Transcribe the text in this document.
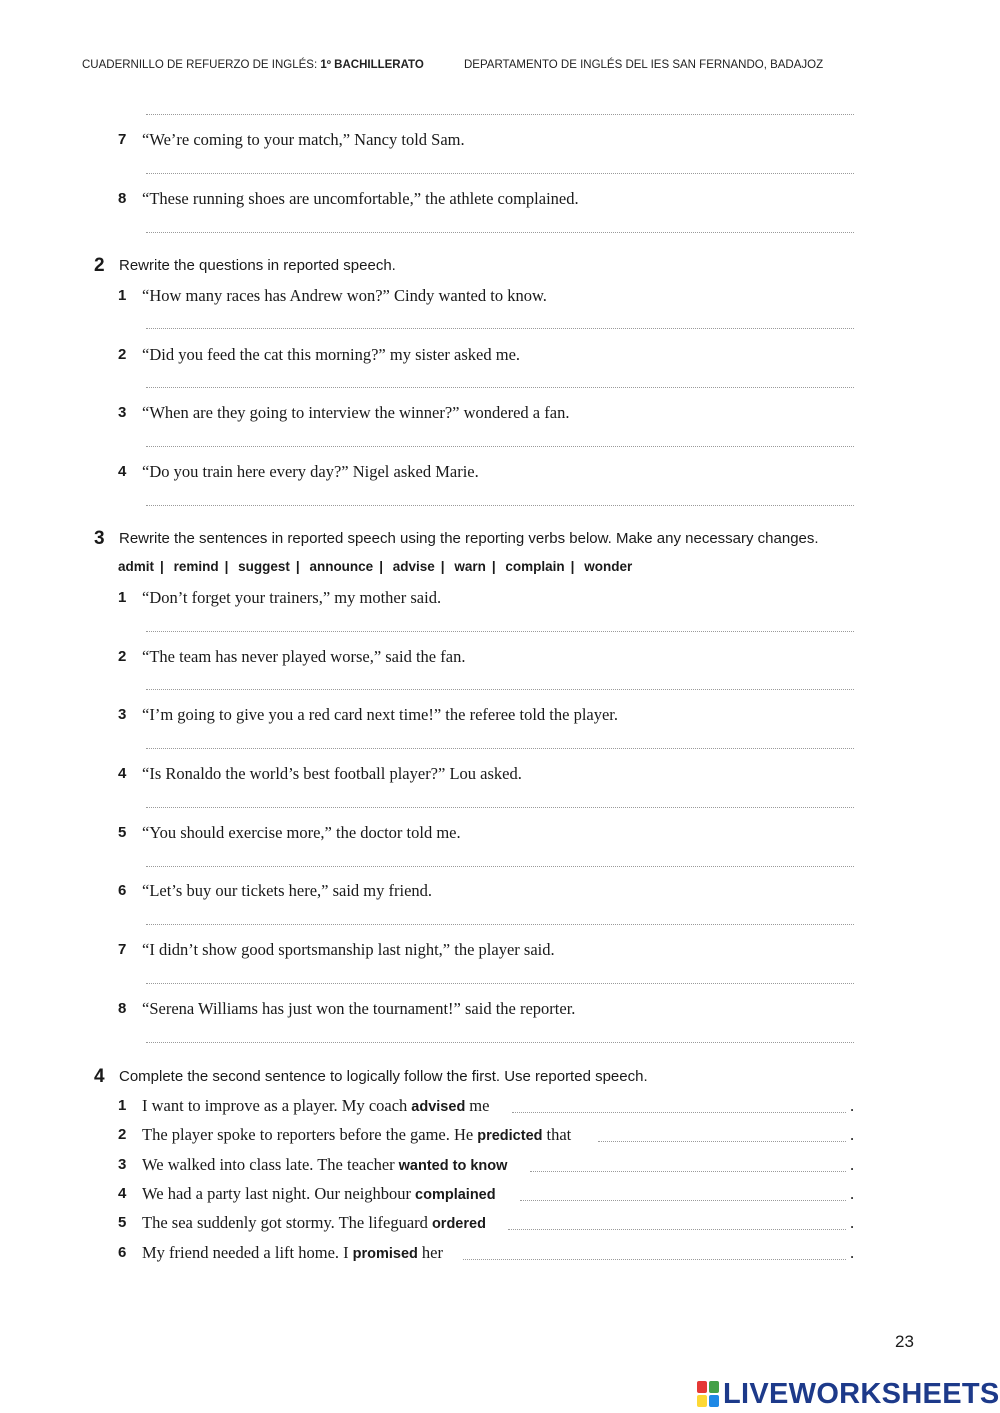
CUADERNILLO DE REFUERZO DE INGLÉS: 1º BACHILLERATO	DEPARTAMENTO DE INGLÉS DEL IES SAN FERNANDO, BADAJOZ
7 “We’re coming to your match,” Nancy told Sam.
8 “These running shoes are uncomfortable,” the athlete complained.
2 Rewrite the questions in reported speech.
1 “How many races has Andrew won?” Cindy wanted to know.
2 “Did you feed the cat this morning?” my sister asked me.
3 “When are they going to interview the winner?” wondered a fan.
4 “Do you train here every day?” Nigel asked Marie.
3 Rewrite the sentences in reported speech using the reporting verbs below. Make any necessary changes.
admit | remind | suggest | announce | advise | warn | complain | wonder
1 “Don’t forget your trainers,” my mother said.
2 “The team has never played worse,” said the fan.
3 “I’m going to give you a red card next time!” the referee told the player.
4 “Is Ronaldo the world’s best football player?” Lou asked.
5 “You should exercise more,” the doctor told me.
6 “Let’s buy our tickets here,” said my friend.
7 “I didn’t show good sportsmanship last night,” the player said.
8 “Serena Williams has just won the tournament!” said the reporter.
4 Complete the second sentence to logically follow the first. Use reported speech.
1 I want to improve as a player. My coach advised me	.
2 The player spoke to reporters before the game. He predicted that	.
3 We walked into class late. The teacher wanted to know	.
4 We had a party last night. Our neighbour complained	.
5 The sea suddenly got stormy. The lifeguard ordered	.
6 My friend needed a lift home. I promised her	.
23
LIVEWORKSHEETS
